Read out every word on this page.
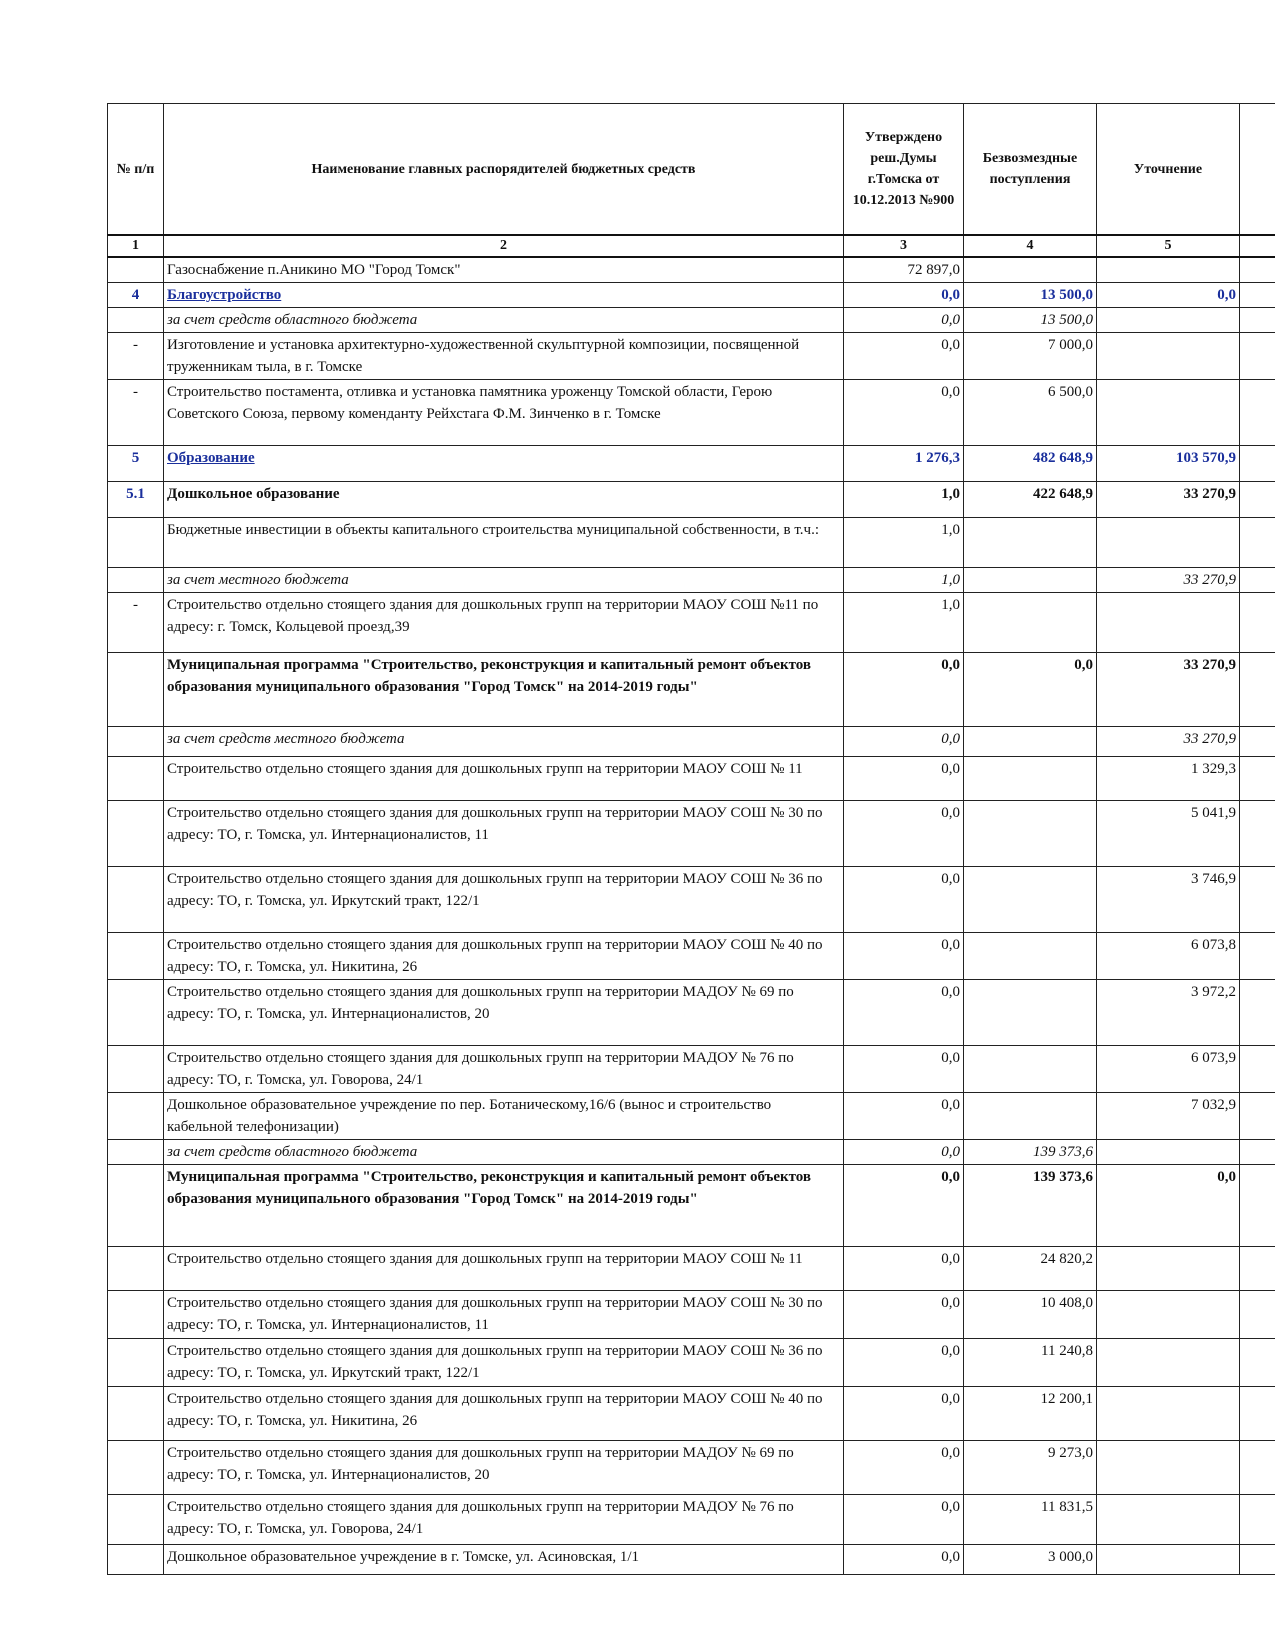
№ п/п	Наименование главных распорядителей бюджетных средств	Утверждено реш.Думы г.Томска от 10.12.2013 №900	Безвозмездные поступления	Уточнение	
1	2	3	4	5	
	Газоснабжение п.Аникино МО "Город Томск"	72 897,0			
4	Благоустройство	0,0	13 500,0	0,0	
	за счет средств областного бюджета	0,0	13 500,0		
-	Изготовление и установка архитектурно-художественной скульптурной композиции, посвященной труженникам тыла, в г. Томске	0,0	7 000,0		
-	Строительство постамента, отливка и установка памятника уроженцу Томской области, Герою Советского Союза, первому коменданту Рейхстага Ф.М. Зинченко в г. Томске	0,0	6 500,0		
5	Образование	1 276,3	482 648,9	103 570,9	
5.1	Дошкольное образование	1,0	422 648,9	33 270,9	
	Бюджетные инвестиции в объекты капитального строительства муниципальной собственности, в т.ч.:	1,0			
	за счет местного бюджета	1,0		33 270,9	
-	Строительство отдельно стоящего здания для дошкольных групп на территории МАОУ СОШ №11 по адресу: г. Томск, Кольцевой проезд,39	1,0			
	Муниципальная программа "Строительство, реконструкция и капитальный ремонт объектов образования муниципального образования "Город Томск" на 2014-2019 годы"	0,0	0,0	33 270,9	
	за счет средств местного бюджета	0,0		33 270,9	
	Строительство отдельно стоящего здания для дошкольных групп на территории МАОУ СОШ № 11	0,0		1 329,3	
	Строительство отдельно стоящего здания для дошкольных групп на территории МАОУ СОШ № 30 по адресу: ТО, г. Томска, ул. Интернационалистов, 11	0,0		5 041,9	
	Строительство отдельно стоящего здания для дошкольных групп на территории МАОУ СОШ № 36 по адресу: ТО, г. Томска, ул. Иркутский тракт, 122/1	0,0		3 746,9	
	Строительство отдельно стоящего здания для дошкольных групп на территории МАОУ СОШ № 40 по адресу: ТО, г. Томска, ул. Никитина, 26	0,0		6 073,8	
	Строительство отдельно стоящего здания для дошкольных групп на территории МАДОУ № 69 по адресу: ТО, г. Томска, ул. Интернационалистов, 20	0,0		3 972,2	
	Строительство отдельно стоящего здания для дошкольных групп на территории МАДОУ № 76 по адресу: ТО, г. Томска, ул. Говорова, 24/1	0,0		6 073,9	
	Дошкольное образовательное учреждение по пер. Ботаническому,16/6 (вынос и строительство кабельной телефонизации)	0,0		7 032,9	
	за счет средств областного бюджета	0,0	139 373,6		
	Муниципальная программа "Строительство, реконструкция и капитальный ремонт объектов образования муниципального образования "Город Томск" на 2014-2019 годы"	0,0	139 373,6	0,0	
	Строительство отдельно стоящего здания для дошкольных групп на территории МАОУ СОШ № 11	0,0	24 820,2		
	Строительство отдельно стоящего здания для дошкольных групп на территории МАОУ СОШ № 30 по адресу: ТО, г. Томска, ул. Интернационалистов, 11	0,0	10 408,0		
	Строительство отдельно стоящего здания для дошкольных групп на территории МАОУ СОШ № 36 по адресу: ТО, г. Томска, ул. Иркутский тракт, 122/1	0,0	11 240,8		
	Строительство отдельно стоящего здания для дошкольных групп на территории МАОУ СОШ № 40 по адресу: ТО, г. Томска, ул. Никитина, 26	0,0	12 200,1		
	Строительство отдельно стоящего здания для дошкольных групп на территории МАДОУ № 69 по адресу: ТО, г. Томска, ул. Интернационалистов, 20	0,0	9 273,0		
	Строительство отдельно стоящего здания для дошкольных групп на территории МАДОУ № 76 по адресу: ТО, г. Томска, ул. Говорова, 24/1	0,0	11 831,5		
	Дошкольное образовательное учреждение в г. Томске, ул. Асиновская, 1/1	0,0	3 000,0		
